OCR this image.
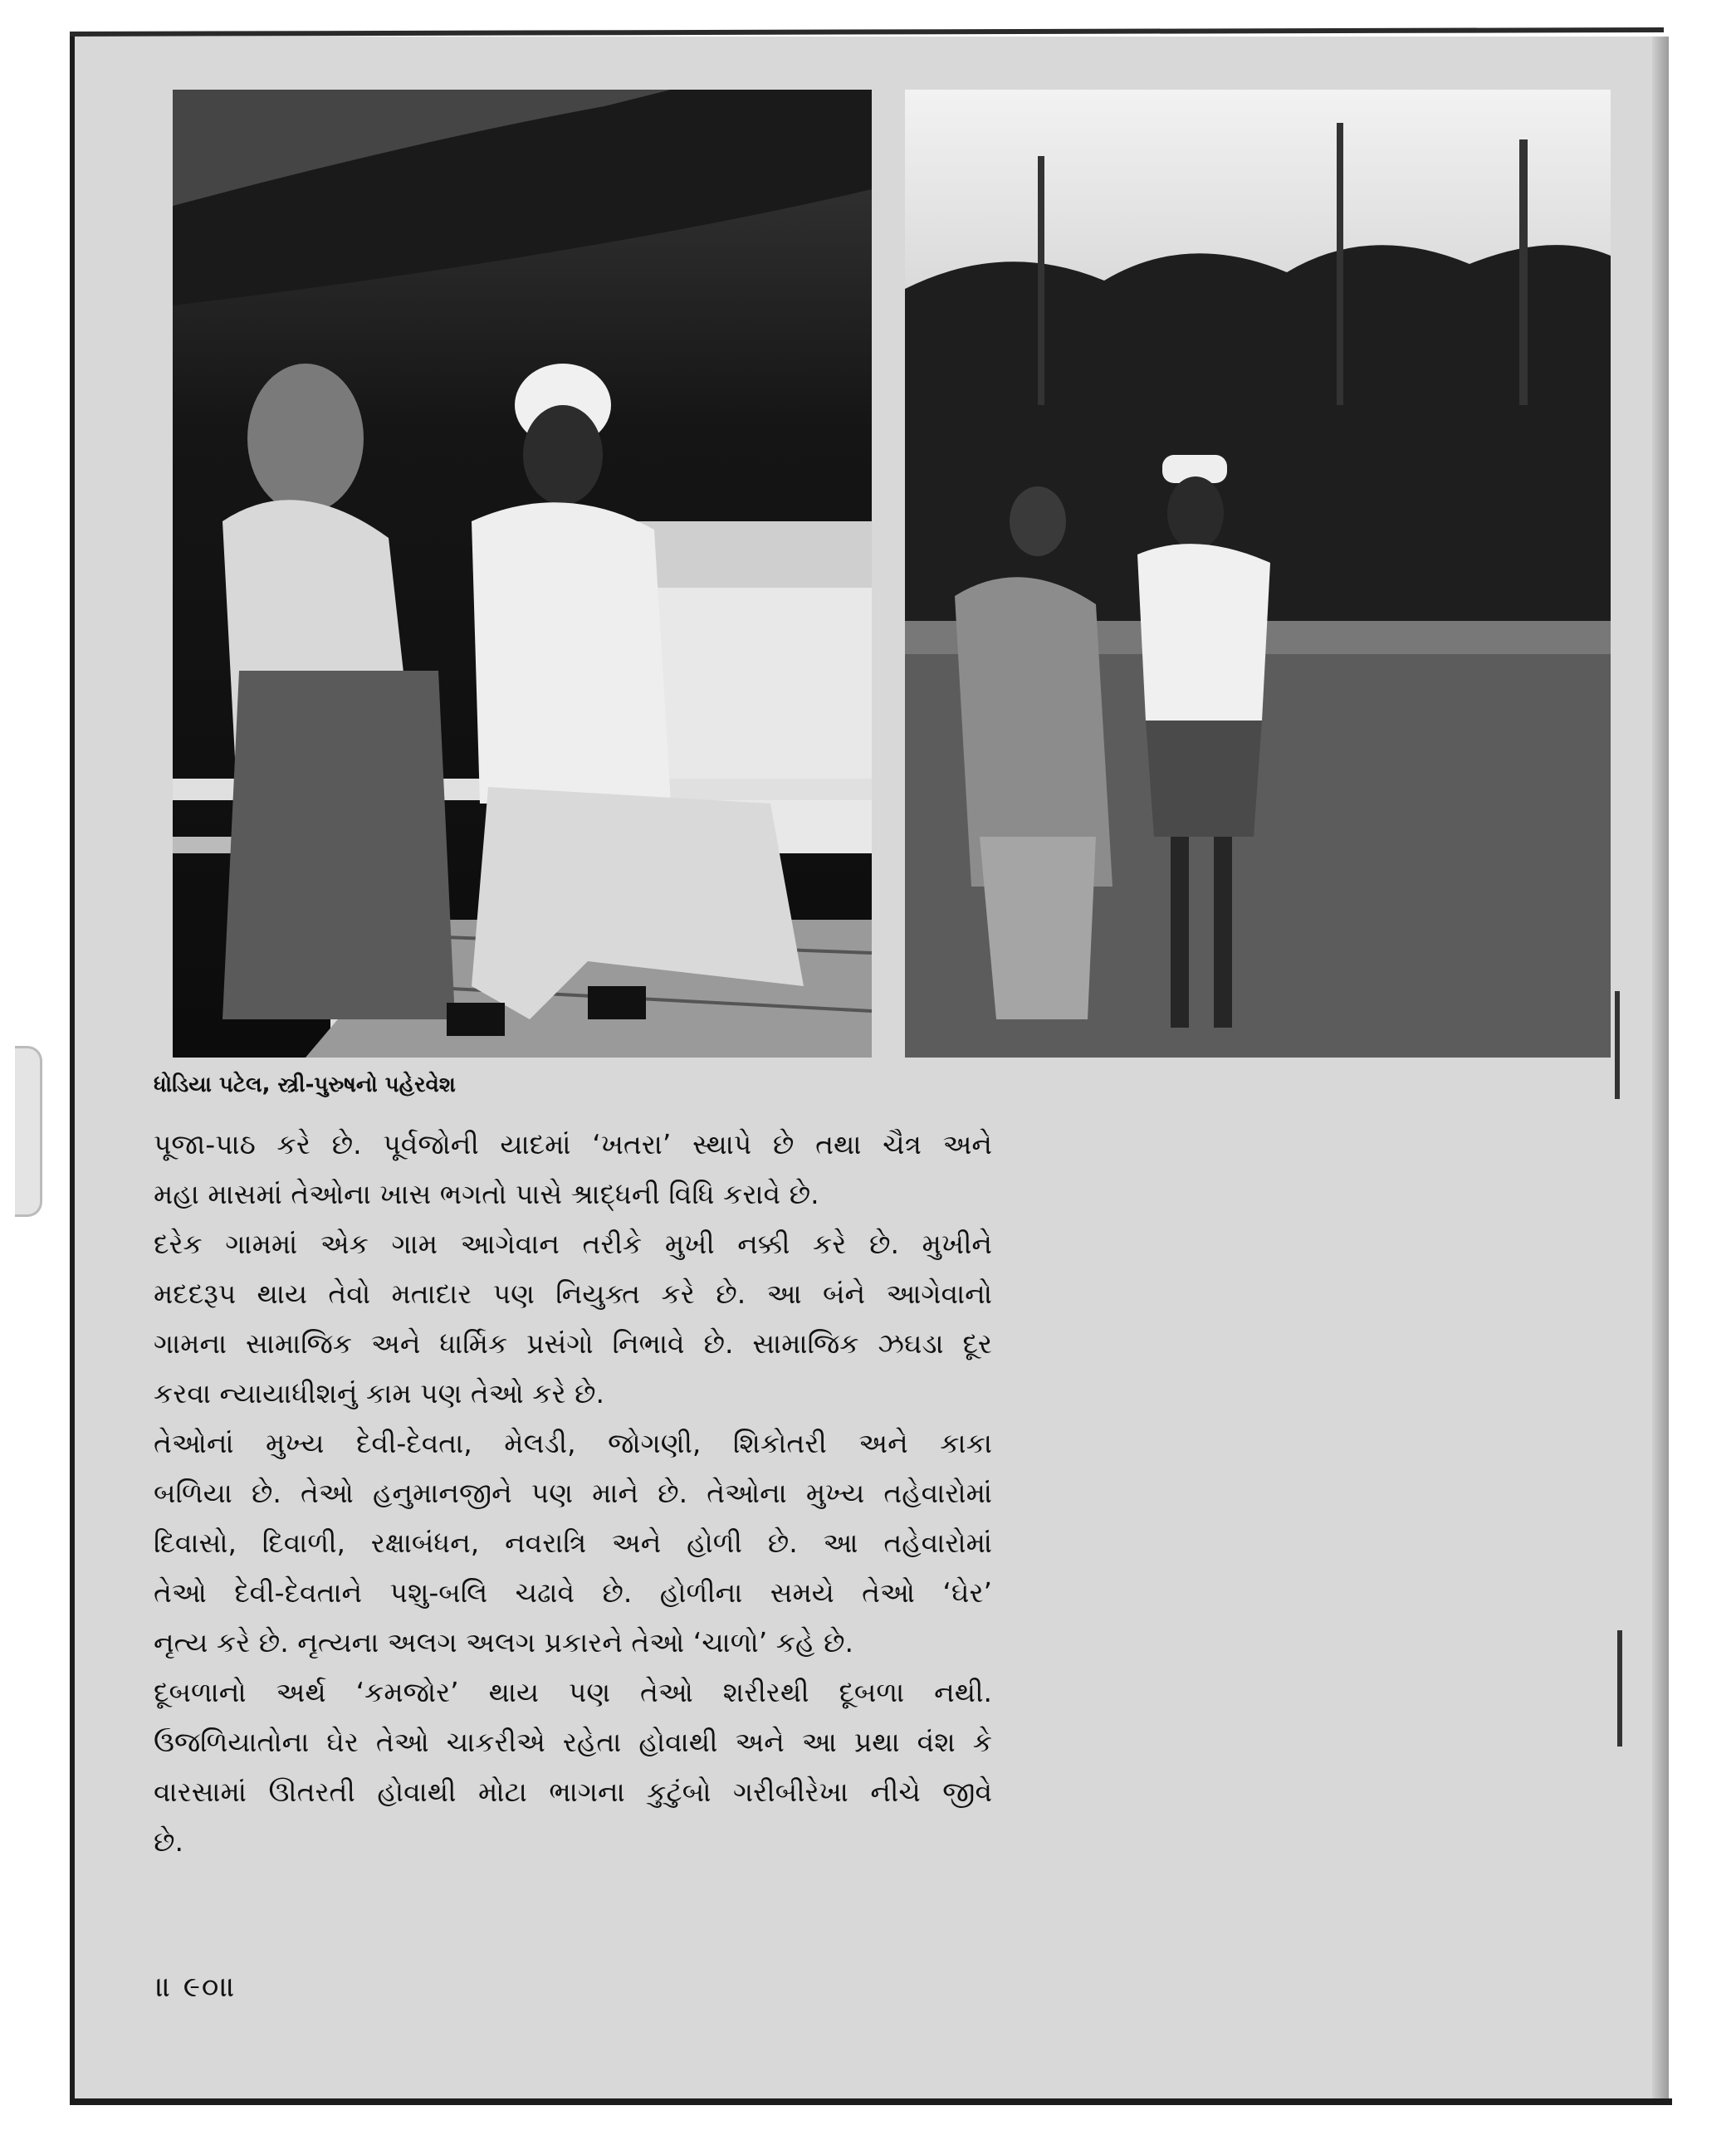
ધોડિયા પટેલ, સ્ત્રી-પુરુષનો પહેરવેશ
પૂજા-પાઠ કરે છે. પૂર્વજોની યાદમાં ‘ખતરા’ સ્થાપે છે તથા ચૈત્ર અને
મહા માસમાં તેઓના ખાસ ભગતો પાસે શ્રાદ્ધની વિધિ કરાવે છે.
દરેક ગામમાં એક ગામ આગેવાન તરીકે મુખી નક્કી કરે છે. મુખીને
મદદરૂપ થાય તેવો મતાદાર પણ નિયુક્ત કરે છે. આ બંને આગેવાનો
ગામના સામાજિક અને ધાર્મિક પ્રસંગો નિભાવે છે. સામાજિક ઝઘડા દૂર
કરવા ન્યાયાધીશનું કામ પણ તેઓ કરે છે.
તેઓનાં મુખ્ય દેવી-દેવતા, મેલડી, જોગણી, શિકોતરી અને કાકા
બળિયા છે. તેઓ હનુમાનજીને પણ માને છે. તેઓના મુખ્ય તહેવારોમાં
દિવાસો, દિવાળી, રક્ષાબંધન, નવરાત્રિ અને હોળી છે. આ તહેવારોમાં
તેઓ દેવી-દેવતાને પશુ-બલિ ચઢાવે છે. હોળીના સમયે તેઓ ‘ઘેર’
નૃત્ય કરે છે. નૃત્યના અલગ અલગ પ્રકારને તેઓ ‘ચાળો’ કહે છે.
દૂબળાનો અર્થ ‘કમજોર’ થાય પણ તેઓ શરીરથી દૂબળા નથી.
ઉજળિયાતોના ઘેર તેઓ ચાકરીએ રહેતા હોવાથી અને આ પ્રથા વંશ કે
વારસામાં ઊતરતી હોવાથી મોટા ભાગના કુટુંબો ગરીબીરેખા નીચે જીવે
છે.
॥ ૯૦॥
